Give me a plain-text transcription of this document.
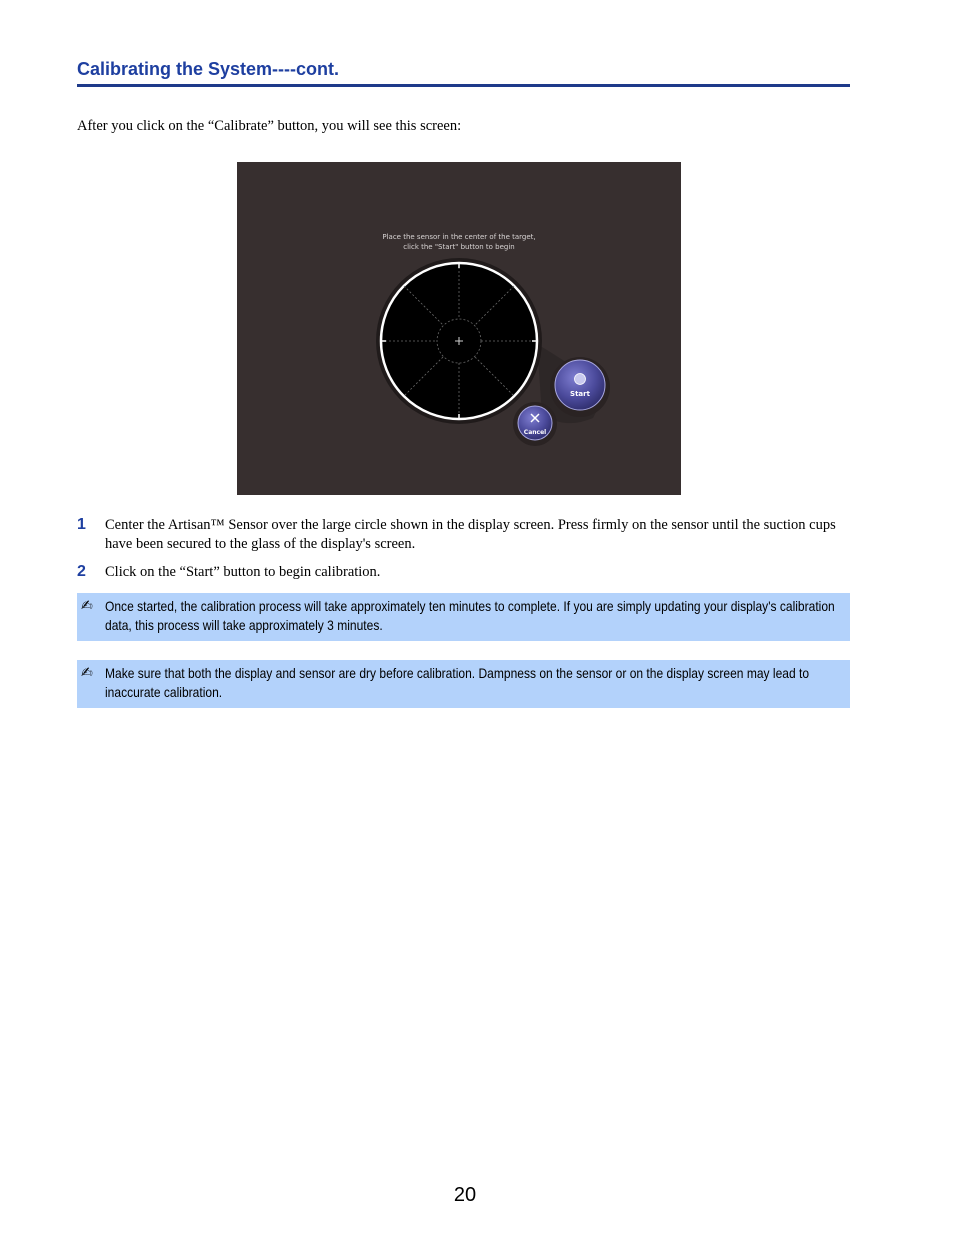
Calibrating the System----cont.

After you click on the “Calibrate” button, you will see this screen:

Place the sensor in the center of the target,
click the "Start" button to begin
Start
Cancel
1 Center the Artisan™ Sensor over the large circle shown in the display screen. Press firmly on the sensor until the suction cups have been secured to the glass of the display's screen.
2 Click on the “Start” button to begin calibration.
✍ Once started, the calibration process will take approximately ten minutes to complete. If you are simply updating your display's calibration data, this process will take approximately 3 minutes.
✍ Make sure that both the display and sensor are dry before calibration. Dampness on the sensor or on the display screen may lead to inaccurate calibration.
20
